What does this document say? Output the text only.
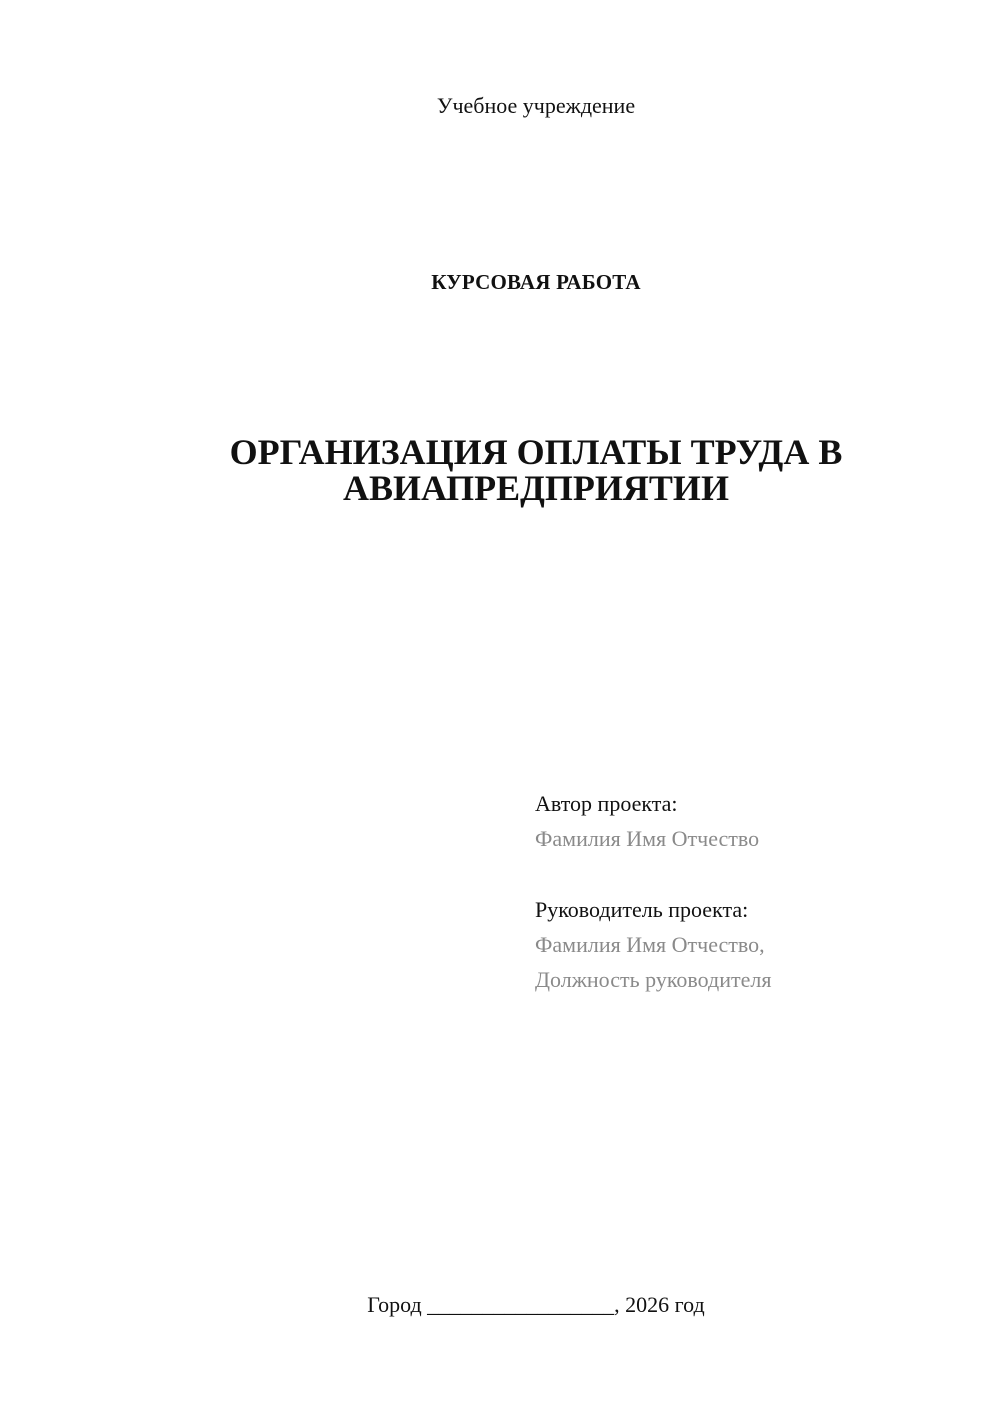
Учебное учреждение
КУРСОВАЯ РАБОТА
ОРГАНИЗАЦИЯ ОПЛАТЫ ТРУДА В
АВИАПРЕДПРИЯТИИ
Автор проекта:
Фамилия Имя Отчество
Руководитель проекта:
Фамилия Имя Отчество,
Должность руководителя
Город _________________, 2026 год
